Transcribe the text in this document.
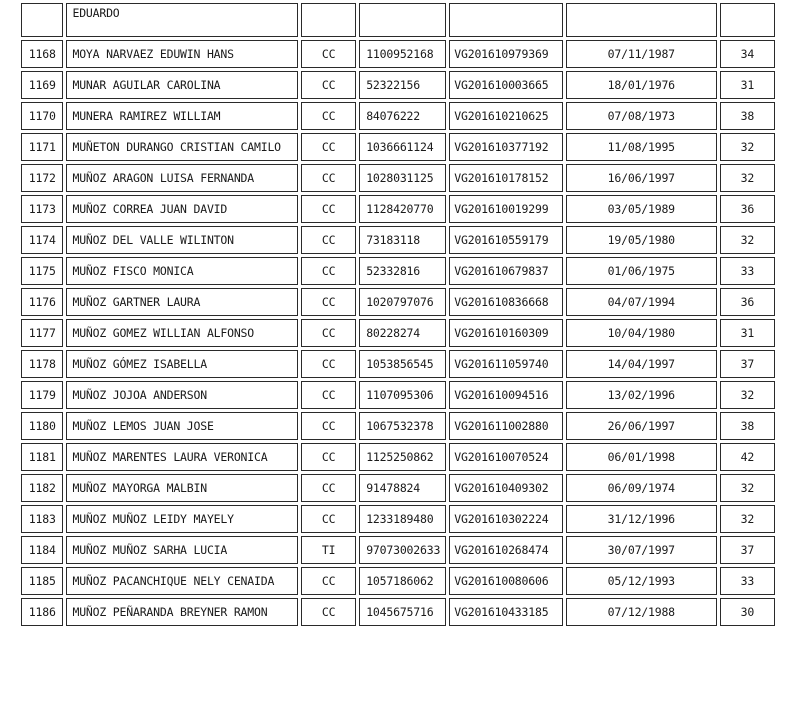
	EDUARDO					
1168	MOYA NARVAEZ EDUWIN HANS	CC	1100952168	VG201610979369	07/11/1987	34
1169	MUNAR AGUILAR CAROLINA	CC	52322156	VG201610003665	18/01/1976	31
1170	MUNERA RAMIREZ WILLIAM	CC	84076222	VG201610210625	07/08/1973	38
1171	MUÑETON DURANGO CRISTIAN CAMILO	CC	1036661124	VG201610377192	11/08/1995	32
1172	MUÑOZ ARAGON LUISA FERNANDA	CC	1028031125	VG201610178152	16/06/1997	32
1173	MUÑOZ CORREA JUAN DAVID	CC	1128420770	VG201610019299	03/05/1989	36
1174	MUÑOZ DEL VALLE WILINTON	CC	73183118	VG201610559179	19/05/1980	32
1175	MUÑOZ FISCO MONICA	CC	52332816	VG201610679837	01/06/1975	33
1176	MUÑOZ GARTNER LAURA	CC	1020797076	VG201610836668	04/07/1994	36
1177	MUÑOZ GOMEZ WILLIAN ALFONSO	CC	80228274	VG201610160309	10/04/1980	31
1178	MUÑOZ GÓMEZ ISABELLA	CC	1053856545	VG201611059740	14/04/1997	37
1179	MUÑOZ JOJOA ANDERSON	CC	1107095306	VG201610094516	13/02/1996	32
1180	MUÑOZ LEMOS JUAN JOSE	CC	1067532378	VG201611002880	26/06/1997	38
1181	MUÑOZ MARENTES LAURA VERONICA	CC	1125250862	VG201610070524	06/01/1998	42
1182	MUÑOZ MAYORGA MALBIN	CC	91478824	VG201610409302	06/09/1974	32
1183	MUÑOZ MUÑOZ LEIDY MAYELY	CC	1233189480	VG201610302224	31/12/1996	32
1184	MUÑOZ MUÑOZ SARHA LUCIA	TI	97073002633	VG201610268474	30/07/1997	37
1185	MUÑOZ PACANCHIQUE NELY CENAIDA	CC	1057186062	VG201610080606	05/12/1993	33
1186	MUÑOZ PEÑARANDA BREYNER RAMON	CC	1045675716	VG201610433185	07/12/1988	30
